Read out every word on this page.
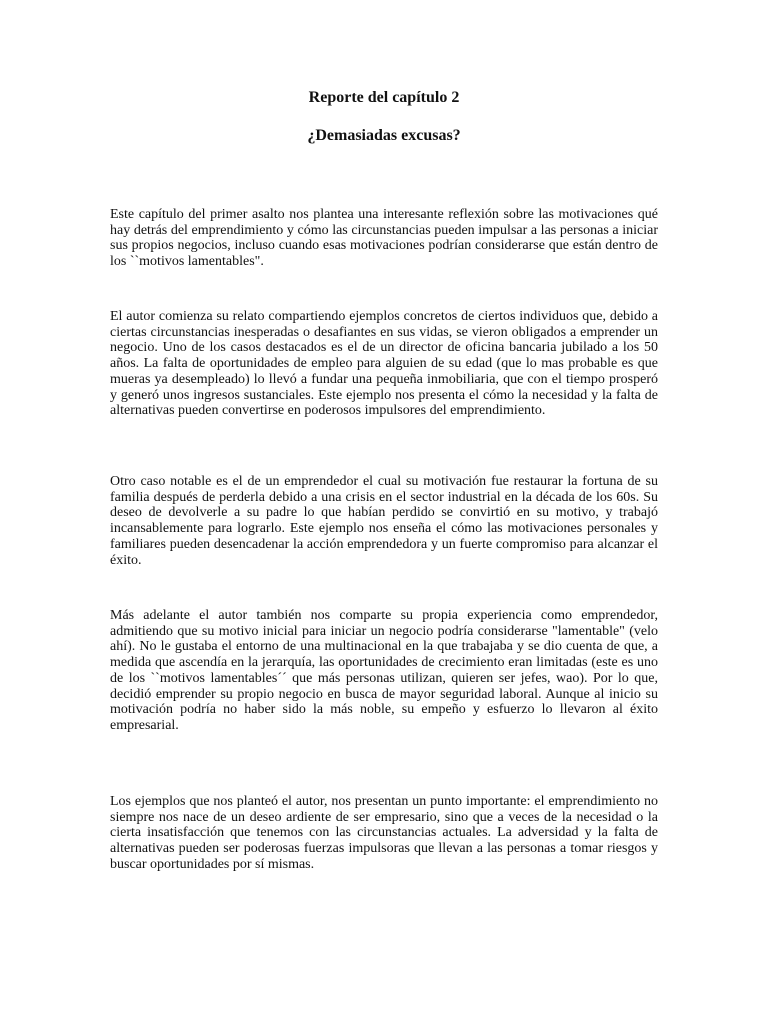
Reporte del capítulo 2
¿Demasiadas excusas?

Este capítulo del primer asalto nos plantea una interesante reflexión sobre las motivaciones qué hay detrás del emprendimiento y cómo las circunstancias pueden impulsar a las personas a iniciar sus propios negocios, incluso cuando esas motivaciones podrían considerarse que están dentro de los ``motivos lamentables".

El autor comienza su relato compartiendo ejemplos concretos de ciertos individuos que, debido a ciertas circunstancias inesperadas o desafiantes en sus vidas, se vieron obligados a emprender un negocio. Uno de los casos destacados es el de un director de oficina bancaria jubilado a los 50 años. La falta de oportunidades de empleo para alguien de su edad (que lo mas probable es que mueras ya desempleado) lo llevó a fundar una pequeña inmobiliaria, que con el tiempo prosperó y generó unos ingresos sustanciales. Este ejemplo nos presenta el cómo la necesidad y la falta de alternativas pueden convertirse en poderosos impulsores del emprendimiento.

Otro caso notable es el de un emprendedor el cual su motivación fue restaurar la fortuna de su familia después de perderla debido a una crisis en el sector industrial en la década de los 60s. Su deseo de devolverle a su padre lo que habían perdido se convirtió en su motivo, y trabajó incansablemente para lograrlo. Este ejemplo nos enseña el cómo las motivaciones personales y familiares pueden desencadenar la acción emprendedora y un fuerte compromiso para alcanzar el éxito.

Más adelante el autor también nos comparte su propia experiencia como emprendedor, admitiendo que su motivo inicial para iniciar un negocio podría considerarse "lamentable" (velo ahí). No le gustaba el entorno de una multinacional en la que trabajaba y se dio cuenta de que, a medida que ascendía en la jerarquía, las oportunidades de crecimiento eran limitadas (este es uno de los ``motivos lamentables´´ que más personas utilizan, quieren ser jefes, wao). Por lo que, decidió emprender su propio negocio en busca de mayor seguridad laboral. Aunque al inicio su motivación podría no haber sido la más noble, su empeño y esfuerzo lo llevaron al éxito empresarial.

Los ejemplos que nos planteó el autor, nos presentan un punto importante: el emprendimiento no siempre nos nace de un deseo ardiente de ser empresario, sino que a veces de la necesidad o la cierta insatisfacción que tenemos con las circunstancias actuales. La adversidad y la falta de alternativas pueden ser poderosas fuerzas impulsoras que llevan a las personas a tomar riesgos y buscar oportunidades por sí mismas.
